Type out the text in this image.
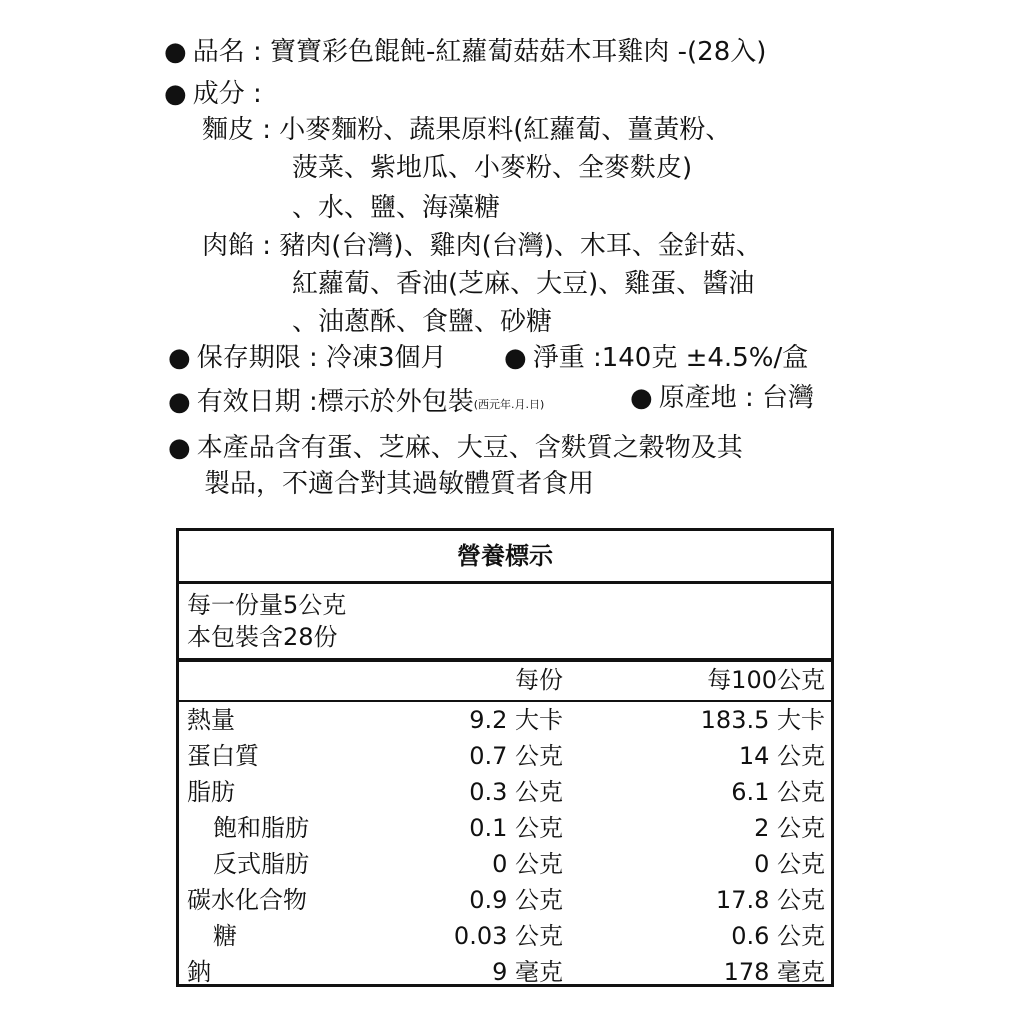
● 品名 : 寶寶彩色餛飩-紅蘿蔔菇菇木耳雞肉 -(28入)
● 成分 :
麵皮 : 小麥麵粉、蔬果原料(紅蘿蔔、薑黃粉、
菠菜、紫地瓜、小麥粉、全麥麩皮)
、水、鹽、海藻糖
肉餡 : 豬肉(台灣)、雞肉(台灣)、木耳、金針菇、
紅蘿蔔、香油(芝麻、大豆)、雞蛋、醬油
、油蔥酥、食鹽、砂糖
● 保存期限 : 冷凍3個月 ● 淨重 :140克 ±4.5%/盒
● 有效日期 :標示於外包裝(西元年.月.日)	● 原產地 : 台灣
● 本產品含有蛋、芝麻、大豆、含麩質之穀物及其
製品，不適合對其過敏體質者食用
營養標示
每一份量5公克
本包裝含28份
每份	每100公克
熱量	9.2 大卡	183.5 大卡
蛋白質	0.7 公克	14 公克
脂肪	0.3 公克	6.1 公克
飽和脂肪	0.1 公克	2 公克
反式脂肪	0 公克	0 公克
碳水化合物	0.9 公克	17.8 公克
糖	0.03 公克	0.6 公克
鈉	9 毫克	178 毫克
